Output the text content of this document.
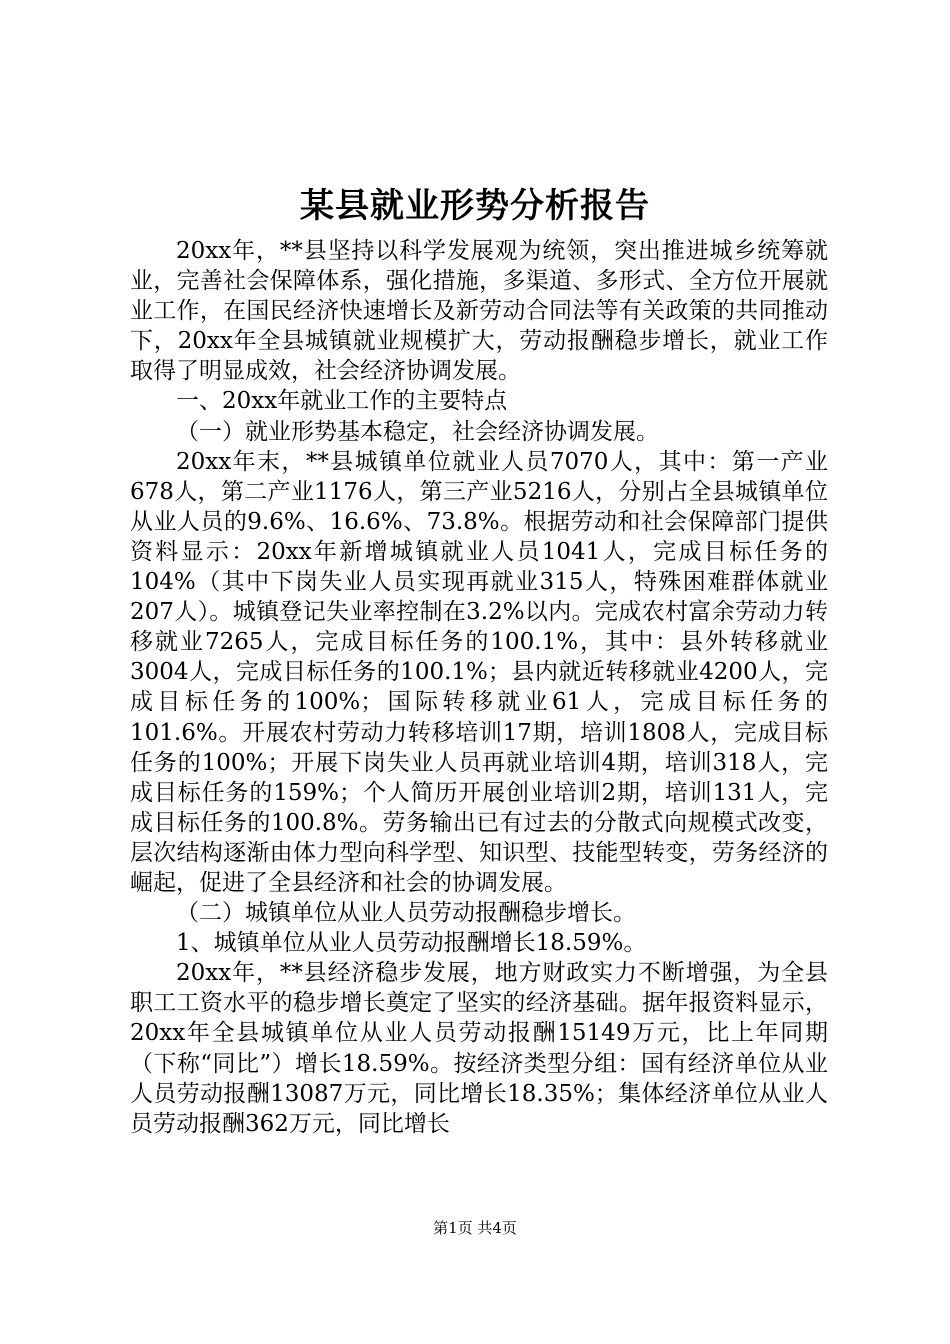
某县就业形势分析报告

20xx年，**县坚持以科学发展观为统领，突出推进城乡统筹就业，完善社会保障体系，强化措施，多渠道、多形式、全方位开展就业工作，在国民经济快速增长及新劳动合同法等有关政策的共同推动下，20xx年全县城镇就业规模扩大，劳动报酬稳步增长，就业工作取得了明显成效，社会经济协调发展。

一、20xx年就业工作的主要特点

（一）就业形势基本稳定，社会经济协调发展。

20xx年末，**县城镇单位就业人员7070人，其中：第一产业678人，第二产业1176人，第三产业5216人，分别占全县城镇单位从业人员的9.6%、16.6%、73.8%。根据劳动和社会保障部门提供资料显示：20xx年新增城镇就业人员1041人，完成目标任务的104%（其中下岗失业人员实现再就业315人，特殊困难群体就业207人）。城镇登记失业率控制在3.2%以内。完成农村富余劳动力转移就业7265人，完成目标任务的100.1%，其中：县外转移就业3004人，完成目标任务的100.1%；县内就近转移就业4200人，完成目标任务的100%；国际转移就业61人，完成目标任务的101.6%。开展农村劳动力转移培训17期，培训1808人，完成目标任务的100%；开展下岗失业人员再就业培训4期，培训318人，完成目标任务的159%；个人简历开展创业培训2期，培训131人，完成目标任务的100.8%。劳务输出已有过去的分散式向规模式改变，层次结构逐渐由体力型向科学型、知识型、技能型转变，劳务经济的崛起，促进了全县经济和社会的协调发展。

（二）城镇单位从业人员劳动报酬稳步增长。

1、城镇单位从业人员劳动报酬增长18.59%。

20xx年，**县经济稳步发展，地方财政实力不断增强，为全县职工工资水平的稳步增长奠定了坚实的经济基础。据年报资料显示，20xx年全县城镇单位从业人员劳动报酬15149万元，比上年同期（下称“同比”）增长18.59%。按经济类型分组：国有经济单位从业人员劳动报酬13087万元，同比增长18.35%；集体经济单位从业人员劳动报酬362万元，同比增长

第1页 共4页
